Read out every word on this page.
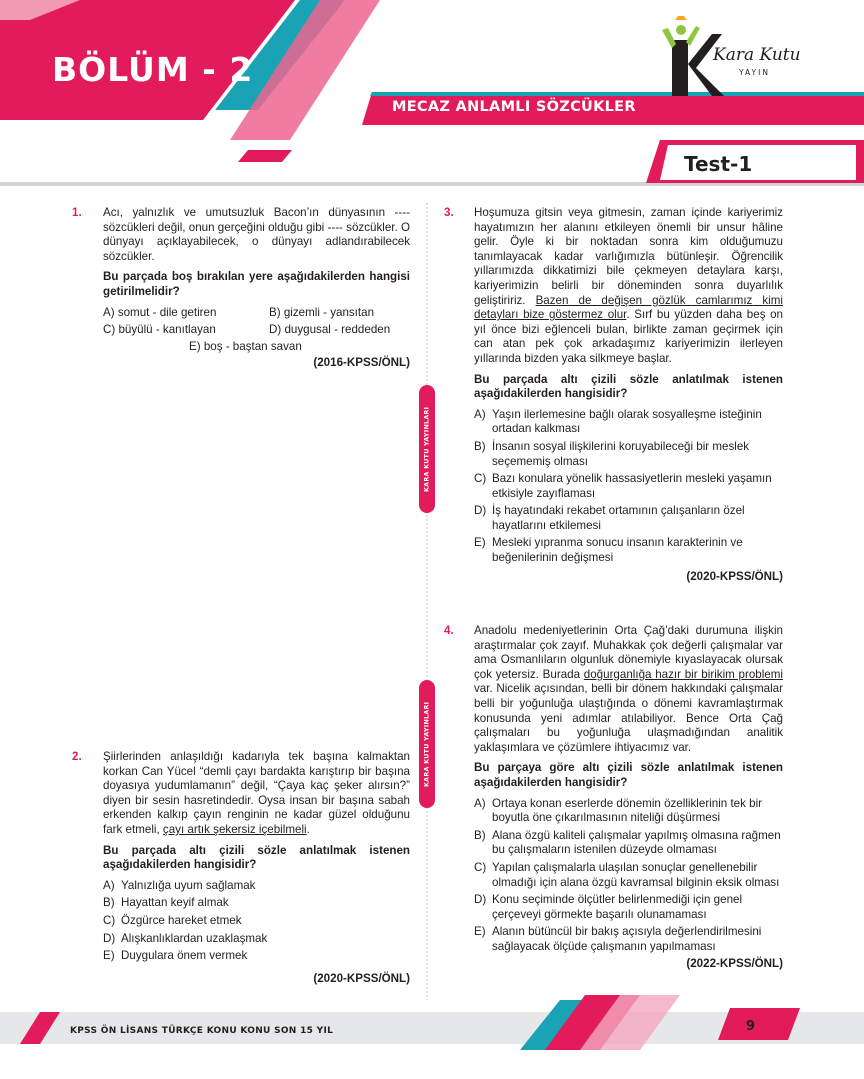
BÖLÜM - 2
MECAZ ANLAMLI SÖZCÜKLER
Test-1
Kara Kutu
YAYIN
KARA KUTU YAYINLARI
KARA KUTU YAYINLARI
1. Acı, yalnızlık ve umutsuzluk Bacon’ın dünyasının ---- sözcükleri değil, onun gerçeğini olduğu gibi ---- sözcükler. O dünyayı açıklayabilecek, o dünyayı adlandırabilecek sözcükler.

Bu parçada boş bırakılan yere aşağıdakilerden hangisi getirilmelidir?

A) somut - dile getiren	B) gizemli - yansıtan
C) büyülü - kanıtlayan	D) duygusal - reddeden
E) boş - baştan savan
(2016-KPSS/ÖNL)
2. Şiirlerinden anlaşıldığı kadarıyla tek başına kalmaktan korkan Can Yücel “demli çayı bardakta karıştırıp bir başına doyasıya yudumlamanın” değil, “Çaya kaç şeker alırsın?” diyen bir sesin hasretindedir. Oysa insan bir başına sabah erkenden kalkıp çayın renginin ne kadar güzel olduğunu fark etmeli, çayı artık şekersiz içebilmeli.

Bu parçada altı çizili sözle anlatılmak istenen aşağıdakilerden hangisidir?

A) Yalnızlığa uyum sağlamak
B) Hayattan keyif almak
C) Özgürce hareket etmek
D) Alışkanlıklardan uzaklaşmak
E) Duygulara önem vermek
(2020-KPSS/ÖNL)
3. Hoşumuza gitsin veya gitmesin, zaman içinde kariyerimiz hayatımızın her alanını etkileyen önemli bir unsur hâline gelir. Öyle ki bir noktadan sonra kim olduğumuzu tanımlayacak kadar varlığımızla bütünleşir. Öğrencilik yıllarımızda dikkatimizi bile çekmeyen detaylara karşı, kariyerimizin belirli bir döneminden sonra duyarlılık geliştiririz. Bazen de değişen gözlük camlarımız kimi detayları bize göstermez olur. Sırf bu yüzden daha beş on yıl önce bizi eğlenceli bulan, birlikte zaman geçirmek için can atan pek çok arkadaşımız kariyerimizin ilerleyen yıllarında bizden yaka silkmeye başlar.

Bu parçada altı çizili sözle anlatılmak istenen aşağıdakilerden hangisidir?

A) Yaşın ilerlemesine bağlı olarak sosyalleşme isteğinin ortadan kalkması
B) İnsanın sosyal ilişkilerini koruyabileceği bir meslek seçememiş olması
C) Bazı konulara yönelik hassasiyetlerin mesleki yaşamın etkisiyle zayıflaması
D) İş hayatındaki rekabet ortamının çalışanların özel hayatlarını etkilemesi
E) Mesleki yıpranma sonucu insanın karakterinin ve beğenilerinin değişmesi
(2020-KPSS/ÖNL)
4. Anadolu medeniyetlerinin Orta Çağ’daki durumuna ilişkin araştırmalar çok zayıf. Muhakkak çok değerli çalışmalar var ama Osmanlıların olgunluk dönemiyle kıyaslayacak olursak çok yetersiz. Burada doğurganlığa hazır bir birikim problemi var. Nicelik açısından, belli bir dönem hakkındaki çalışmalar belli bir yoğunluğa ulaştığında o dönemi kavramlaştırmak konusunda yeni adımlar atılabiliyor. Bence Orta Çağ çalışmaları bu yoğunluğa ulaşmadığından analitik yaklaşımlara ve çözümlere ihtiyacımız var.

Bu parçaya göre altı çizili sözle anlatılmak istenen aşağıdakilerden hangisidir?

A) Ortaya konan eserlerde dönemin özelliklerinin tek bir boyutla öne çıkarılmasının niteliği düşürmesi
B) Alana özgü kaliteli çalışmalar yapılmış olmasına rağmen bu çalışmaların istenilen düzeyde olmaması
C) Yapılan çalışmalarla ulaşılan sonuçlar genellenebilir olmadığı için alana özgü kavramsal bilginin eksik olması
D) Konu seçiminde ölçütler belirlenmediği için genel çerçeveyi görmekte başarılı olunamaması
E) Alanın bütüncül bir bakış açısıyla değerlendirilmesini sağlayacak ölçüde çalışmanın yapılmaması
(2022-KPSS/ÖNL)
KPSS ÖN LİSANS TÜRKÇE KONU KONU SON 15 YIL	9
